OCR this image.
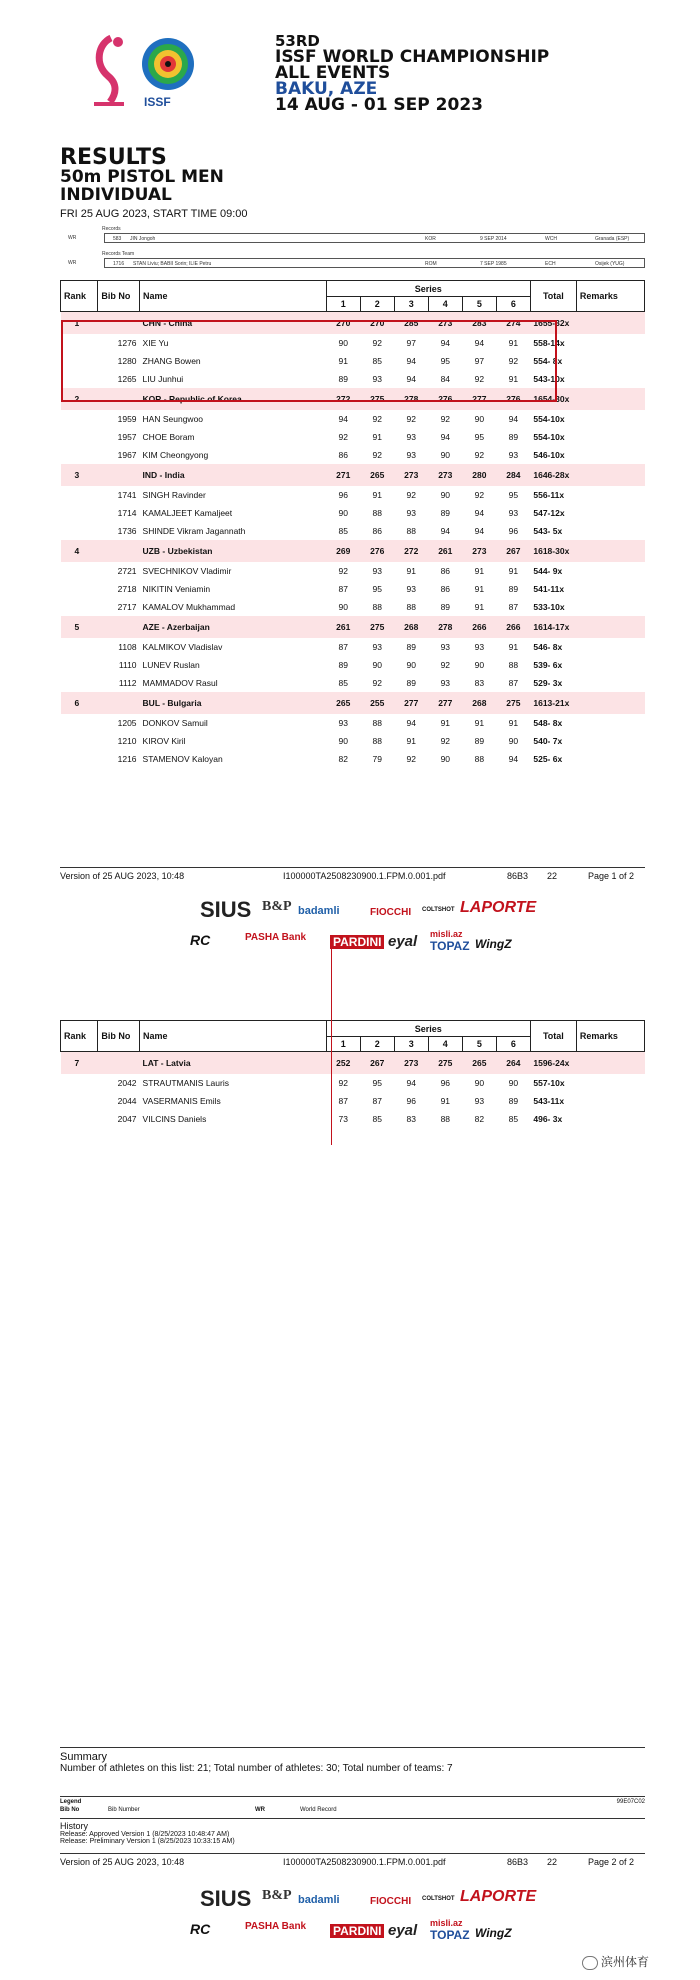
ISSF
53RD
ISSF WORLD CHAMPIONSHIP
ALL EVENTS
BAKU, AZE
14 AUG - 01 SEP 2023
RESULTS
50m PISTOL MEN
INDIVIDUAL
FRI 25 AUG 2023, START TIME 09:00
Records
WR	583 JIN Jongoh	KOR	9 SEP 2014	WCH	Granada (ESP)
Records Team
WR	1716 STAN Liviu; BABII Sorin; ILIE Petru	ROM	7 SEP 1985	ECH	Osijek (YUG)
Rank	Bib No	Name	Series						Total	Remarks
			1	2	3	4	5	6		
1		CHN - China	270	270	285	273	283	274	1655-32x	
	1276	XIE Yu	90	92	97	94	94	91	558-14x	
	1280	ZHANG Bowen	91	85	94	95	97	92	554- 8x	
	1265	LIU Junhui	89	93	94	84	92	91	543-10x	
2		KOR - Republic of Korea	272	275	278	276	277	276	1654-30x	
	1959	HAN Seungwoo	94	92	92	92	90	94	554-10x	
	1957	CHOE Boram	92	91	93	94	95	89	554-10x	
	1967	KIM Cheongyong	86	92	93	90	92	93	546-10x	
3		IND - India	271	265	273	273	280	284	1646-28x	
	1741	SINGH Ravinder	96	91	92	90	92	95	556-11x	
	1714	KAMALJEET Kamaljeet	90	88	93	89	94	93	547-12x	
	1736	SHINDE Vikram Jagannath	85	86	88	94	94	96	543- 5x	
4		UZB - Uzbekistan	269	276	272	261	273	267	1618-30x	
	2721	SVECHNIKOV Vladimir	92	93	91	86	91	91	544- 9x	
	2718	NIKITIN Veniamin	87	95	93	86	91	89	541-11x	
	2717	KAMALOV Mukhammad	90	88	88	89	91	87	533-10x	
5		AZE - Azerbaijan	261	275	268	278	266	266	1614-17x	
	1108	KALMIKOV Vladislav	87	93	89	93	93	91	546- 8x	
	1110	LUNEV Ruslan	89	90	90	92	90	88	539- 6x	
	1112	MAMMADOV Rasul	85	92	89	93	83	87	529- 3x	
6		BUL - Bulgaria	265	255	277	277	268	275	1613-21x	
	1205	DONKOV Samuil	93	88	94	91	91	91	548- 8x	
	1210	KIROV Kiril	90	88	91	92	89	90	540- 7x	
	1216	STAMENOV Kaloyan	82	79	92	90	88	94	525- 6x	
Version of 25 AUG 2023, 10:48	I100000TA2508230900.1.FPM.0.001.pdf	86B3 22	Page 1 of 2
SIUS B&P badamli	FIOCCHI COLTSHOT LAPORTE
RC	PASHA Bank PARDINI eyal misli.az
TOPAZ WingZ
Rank	Bib No	Name	Series						Total	Remarks
			1	2	3	4	5	6		
7		LAT - Latvia	252	267	273	275	265	264	1596-24x	
	2042	STRAUTMANIS Lauris	92	95	94	96	90	90	557-10x	
	2044	VASERMANIS Emils	87	87	96	91	93	89	543-11x	
	2047	VILCINS Daniels	73	85	83	88	82	85	496- 3x	
Summary
Number of athletes on this list: 21; Total number of athletes: 30; Total number of teams: 7
Legend	99E07C02
Bib No	Bib Number	WR	World Record
History
Release: Approved Version 1 (8/25/2023 10:48:47 AM)
Release: Preliminary Version 1 (8/25/2023 10:33:15 AM)
Version of 25 AUG 2023, 10:48	I100000TA2508230900.1.FPM.0.001.pdf	86B3 22	Page 2 of 2
SIUS B&P badamli	FIOCCHI COLTSHOT LAPORTE
RC	PASHA Bank PARDINI eyal misli.az
TOPAZ WingZ
滨州体育
